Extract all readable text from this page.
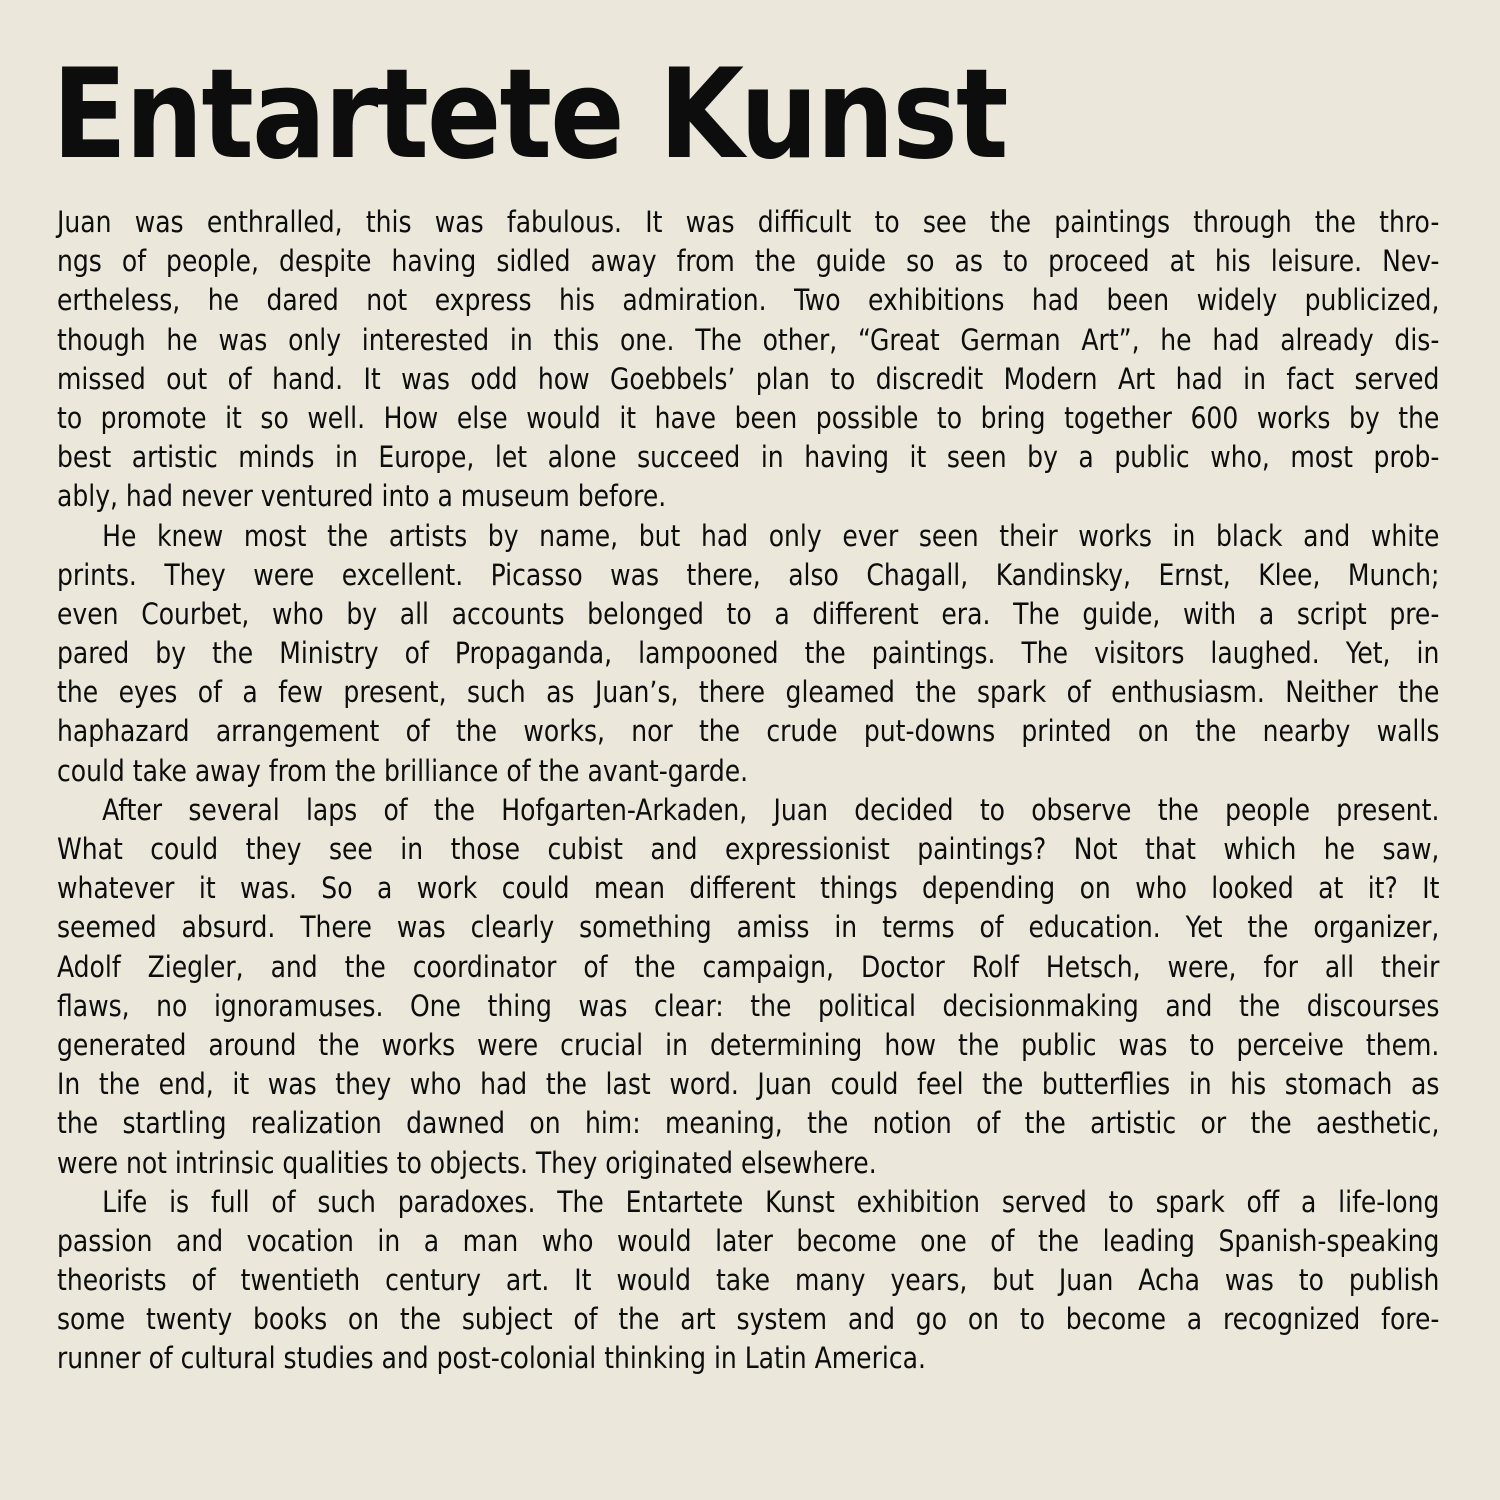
Entartete Kunst
Juan was enthralled, this was fabulous. It was difficult to see the paintings through the thro-
ngs of people, despite having sidled away from the guide so as to proceed at his leisure. Nev-
ertheless, he dared not express his admiration. Two exhibitions had been widely publicized,
though he was only interested in this one. The other, “Great German Art”, he had already dis-
missed out of hand. It was odd how Goebbels’ plan to discredit Modern Art had in fact served
to promote it so well. How else would it have been possible to bring together 600 works by the
best artistic minds in Europe, let alone succeed in having it seen by a public who, most prob-
ably, had never ventured into a museum before.
He knew most the artists by name, but had only ever seen their works in black and white
prints. They were excellent. Picasso was there, also Chagall, Kandinsky, Ernst, Klee, Munch;
even Courbet, who by all accounts belonged to a different era. The guide, with a script pre-
pared by the Ministry of Propaganda, lampooned the paintings. The visitors laughed. Yet, in
the eyes of a few present, such as Juan’s, there gleamed the spark of enthusiasm. Neither the
haphazard arrangement of the works, nor the crude put-downs printed on the nearby walls
could take away from the brilliance of the avant-garde.
After several laps of the Hofgarten-Arkaden, Juan decided to observe the people present.
What could they see in those cubist and expressionist paintings? Not that which he saw,
whatever it was. So a work could mean different things depending on who looked at it? It
seemed absurd. There was clearly something amiss in terms of education. Yet the organizer,
Adolf Ziegler, and the coordinator of the campaign, Doctor Rolf Hetsch, were, for all their
flaws, no ignoramuses. One thing was clear: the political decisionmaking and the discourses
generated around the works were crucial in determining how the public was to perceive them.
In the end, it was they who had the last word. Juan could feel the butterflies in his stomach as
the startling realization dawned on him: meaning, the notion of the artistic or the aesthetic,
were not intrinsic qualities to objects. They originated elsewhere.
Life is full of such paradoxes. The Entartete Kunst exhibition served to spark off a life-long
passion and vocation in a man who would later become one of the leading Spanish-speaking
theorists of twentieth century art. It would take many years, but Juan Acha was to publish
some twenty books on the subject of the art system and go on to become a recognized fore-
runner of cultural studies and post-colonial thinking in Latin America.
